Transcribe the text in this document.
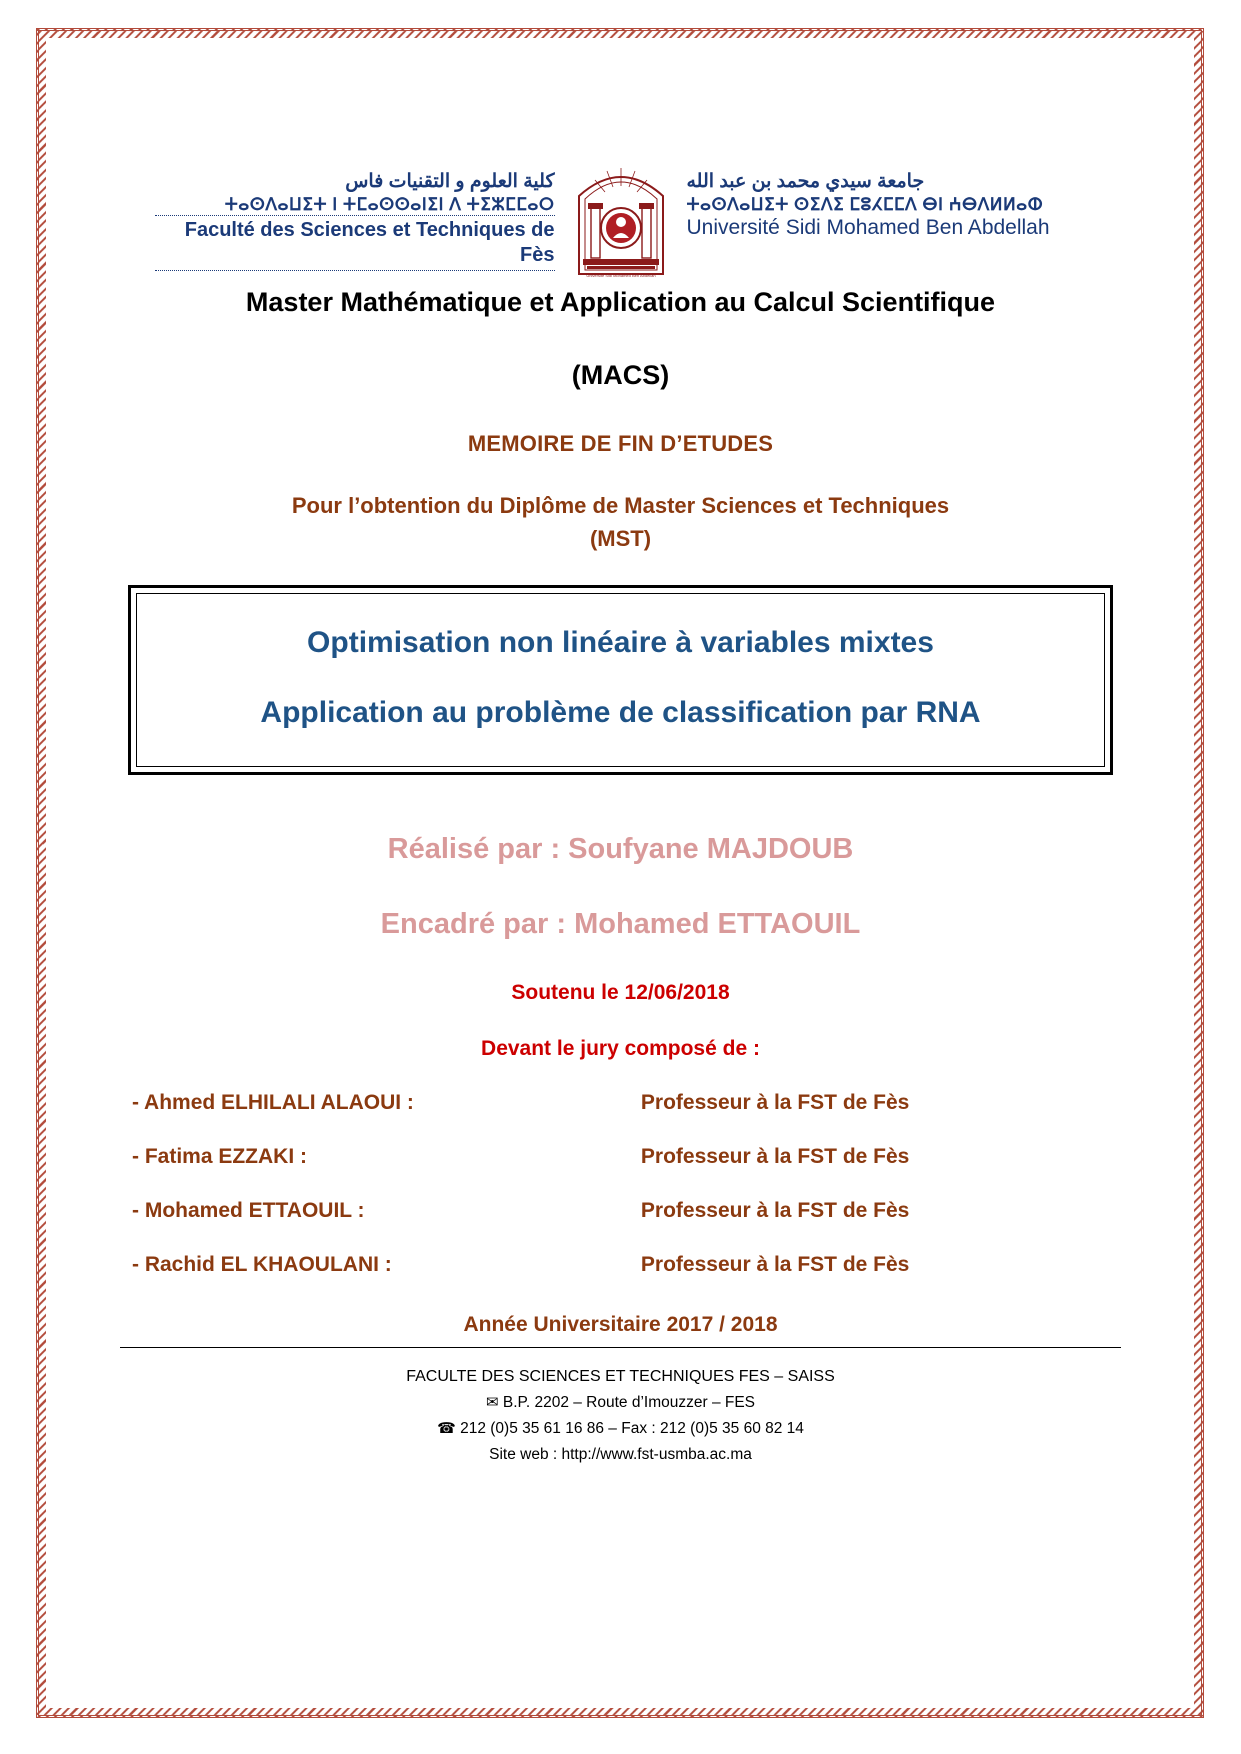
كلية العلوم و التقنيات فاس
ⵜⴰⵙⴷⴰⵡⵉⵜ ⵏ ⵜⵎⴰⵙⵙⴰⵏⵉⵏ ⴷ ⵜⵉⵣⵎⵎⴰⵔ
Faculté des Sciences et Techniques de Fès
Université Sidi Mohamed Ben Abdellah
جامعة سيدي محمد بن عبد الله
ⵜⴰⵙⴷⴰⵡⵉⵜ ⵙⵉⴷⵉ ⵎⵓⵃⵎⵎⴷ ⴱⵏ ⵄⴱⴷⵍⵍⴰⵀ
Université Sidi Mohamed Ben Abdellah
Master Mathématique et Application au Calcul Scientifique
(MACS)
MEMOIRE DE FIN D’ETUDES
Pour l’obtention du Diplôme de Master Sciences et Techniques
(MST)
Optimisation non linéaire à variables mixtes
Application au problème de classification par RNA
Réalisé par : Soufyane MAJDOUB
Encadré par : Mohamed ETTAOUIL
Soutenu le 12/06/2018
Devant le jury composé de :
- Ahmed ELHILALI ALAOUI :	Professeur à la FST de Fès
- Fatima EZZAKI :	Professeur à la FST de Fès
- Mohamed ETTAOUIL :	Professeur à la FST de Fès
- Rachid EL KHAOULANI :	Professeur à la FST de Fès
Année Universitaire 2017 / 2018
FACULTE DES SCIENCES ET TECHNIQUES FES – SAISS
✉ B.P. 2202 – Route d’Imouzzer – FES
☎ 212 (0)5 35 61 16 86 – Fax : 212 (0)5 35 60 82 14
Site web : http://www.fst-usmba.ac.ma
